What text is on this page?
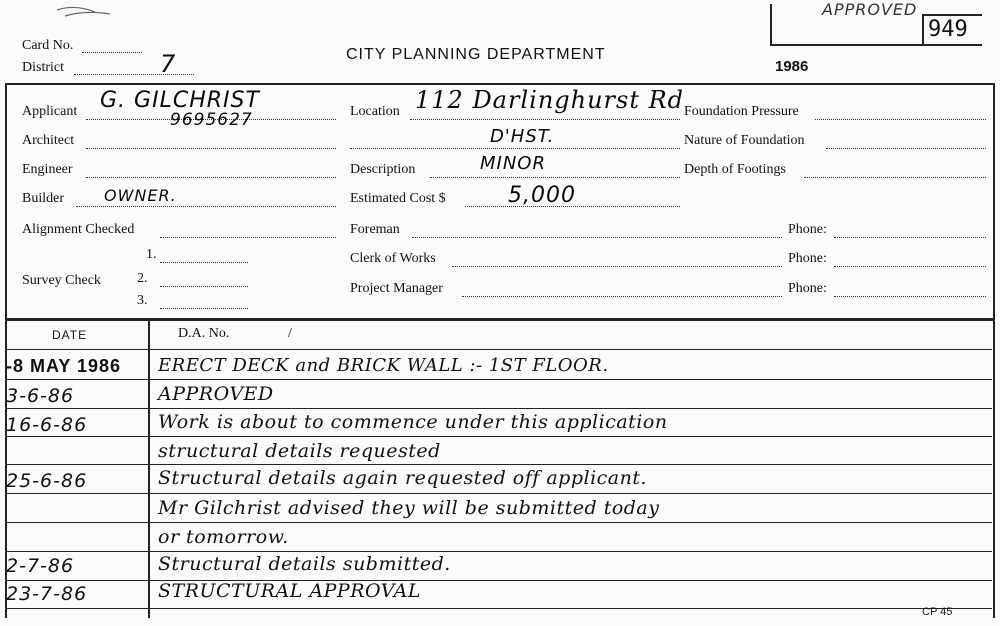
Card No.
District	7	CITY PLANNING DEPARTMENT
1986
949
APPROVED
Applicant G. GILCHRIST
9695627
Architect
Engineer
Builder	OWNER.
Alignment Checked
Survey Check
1.
2.
3.
Location 112 Darlinghurst Rd
D'HST.
Description	MINOR
Estimated Cost $	5,000
Foreman	Phone:
Clerk of Works	Phone:
Project Manager	Phone:
Foundation Pressure
Nature of Foundation
Depth of Footings
DATE	D.A. No.	/
-8 MAY 1986	ERECT DECK and BRICK WALL :- 1ST FLOOR.
3-6-86	APPROVED
16-6-86	Work is about to commence under this application
structural details requested
25-6-86	Structural details again requested off applicant.
Mr Gilchrist advised they will be submitted today
or tomorrow.
2-7-86	Structural details submitted.
23-7-86	STRUCTURAL APPROVAL
CP 45
